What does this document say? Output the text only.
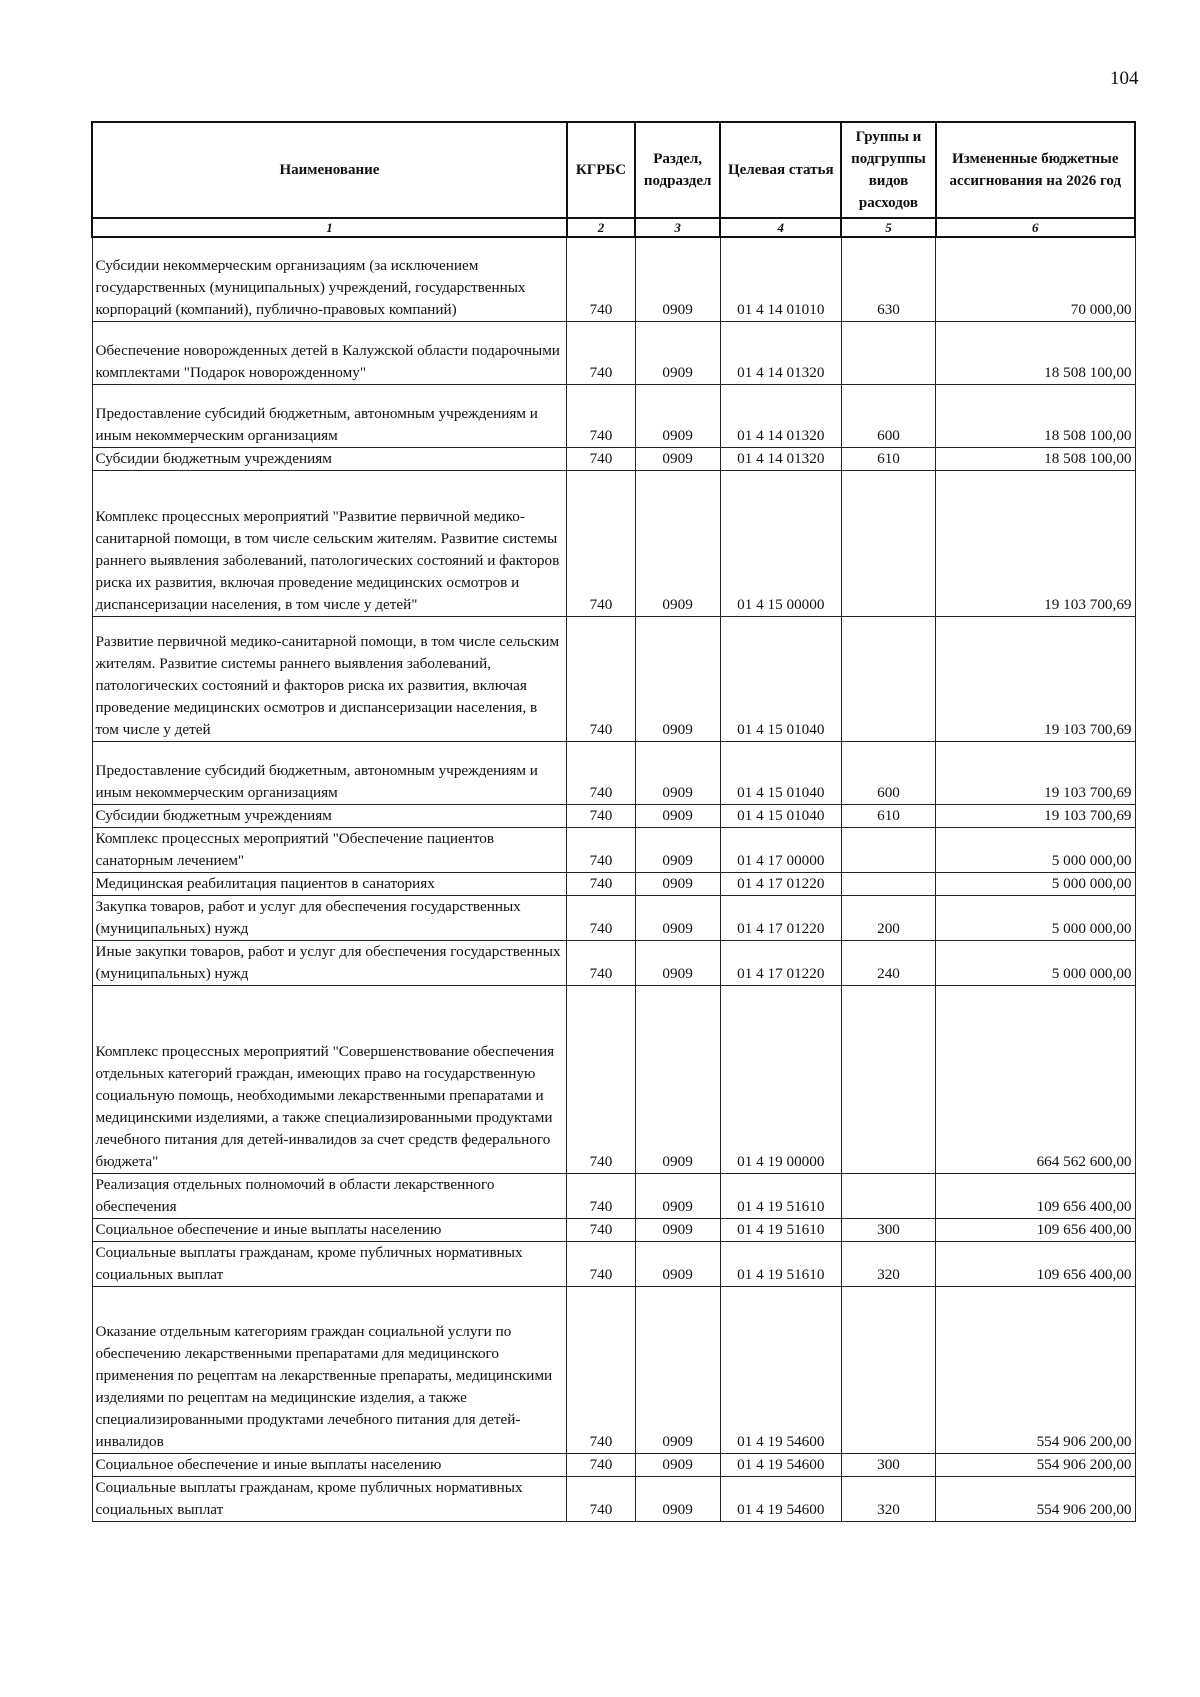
104
Наименование	КГРБС	Раздел, подраздел	Целевая статья	Группы и подгруппы видов расходов	Измененные бюджетные ассигнования на 2026 год
1	2	3	4	5	6
Субсидии некоммерческим организациям (за исключением государственных (муниципальных) учреждений, государственных корпораций (компаний), публично-правовых компаний)	740	0909	01 4 14 01010	630	70 000,00
Обеспечение новорожденных детей в Калужской области подарочными комплектами "Подарок новорожденному"	740	0909	01 4 14 01320		18 508 100,00
Предоставление субсидий бюджетным, автономным учреждениям и иным некоммерческим организациям	740	0909	01 4 14 01320	600	18 508 100,00
Субсидии бюджетным учреждениям	740	0909	01 4 14 01320	610	18 508 100,00
Комплекс процессных мероприятий "Развитие первичной медико-санитарной помощи, в том числе сельским жителям. Развитие системы раннего выявления заболеваний, патологических состояний и факторов риска их развития, включая проведение медицинских осмотров и диспансеризации населения, в том числе у детей"	740	0909	01 4 15 00000		19 103 700,69
Развитие первичной медико-санитарной помощи, в том числе сельским жителям. Развитие системы раннего выявления заболеваний, патологических состояний и факторов риска их развития, включая проведение медицинских осмотров и диспансеризации населения, в том числе у детей	740	0909	01 4 15 01040		19 103 700,69
Предоставление субсидий бюджетным, автономным учреждениям и иным некоммерческим организациям	740	0909	01 4 15 01040	600	19 103 700,69
Субсидии бюджетным учреждениям	740	0909	01 4 15 01040	610	19 103 700,69
Комплекс процессных мероприятий "Обеспечение пациентов санаторным лечением"	740	0909	01 4 17 00000		5 000 000,00
Медицинская реабилитация пациентов в санаториях	740	0909	01 4 17 01220		5 000 000,00
Закупка товаров, работ и услуг для обеспечения государственных (муниципальных) нужд	740	0909	01 4 17 01220	200	5 000 000,00
Иные закупки товаров, работ и услуг для обеспечения государственных (муниципальных) нужд	740	0909	01 4 17 01220	240	5 000 000,00
Комплекс процессных мероприятий "Совершенствование обеспечения отдельных категорий граждан, имеющих право на государственную социальную помощь, необходимыми лекарственными препаратами и медицинскими изделиями, а также специализированными продуктами лечебного питания для детей-инвалидов за счет средств федерального бюджета"	740	0909	01 4 19 00000		664 562 600,00
Реализация отдельных полномочий в области лекарственного обеспечения	740	0909	01 4 19 51610		109 656 400,00
Социальное обеспечение и иные выплаты населению	740	0909	01 4 19 51610	300	109 656 400,00
Социальные выплаты гражданам, кроме публичных нормативных социальных выплат	740	0909	01 4 19 51610	320	109 656 400,00
Оказание отдельным категориям граждан социальной услуги по обеспечению лекарственными препаратами для медицинского применения по рецептам на лекарственные препараты, медицинскими изделиями по рецептам на медицинские изделия, а также специализированными продуктами лечебного питания для детей-инвалидов	740	0909	01 4 19 54600		554 906 200,00
Социальное обеспечение и иные выплаты населению	740	0909	01 4 19 54600	300	554 906 200,00
Социальные выплаты гражданам, кроме публичных нормативных социальных выплат	740	0909	01 4 19 54600	320	554 906 200,00
